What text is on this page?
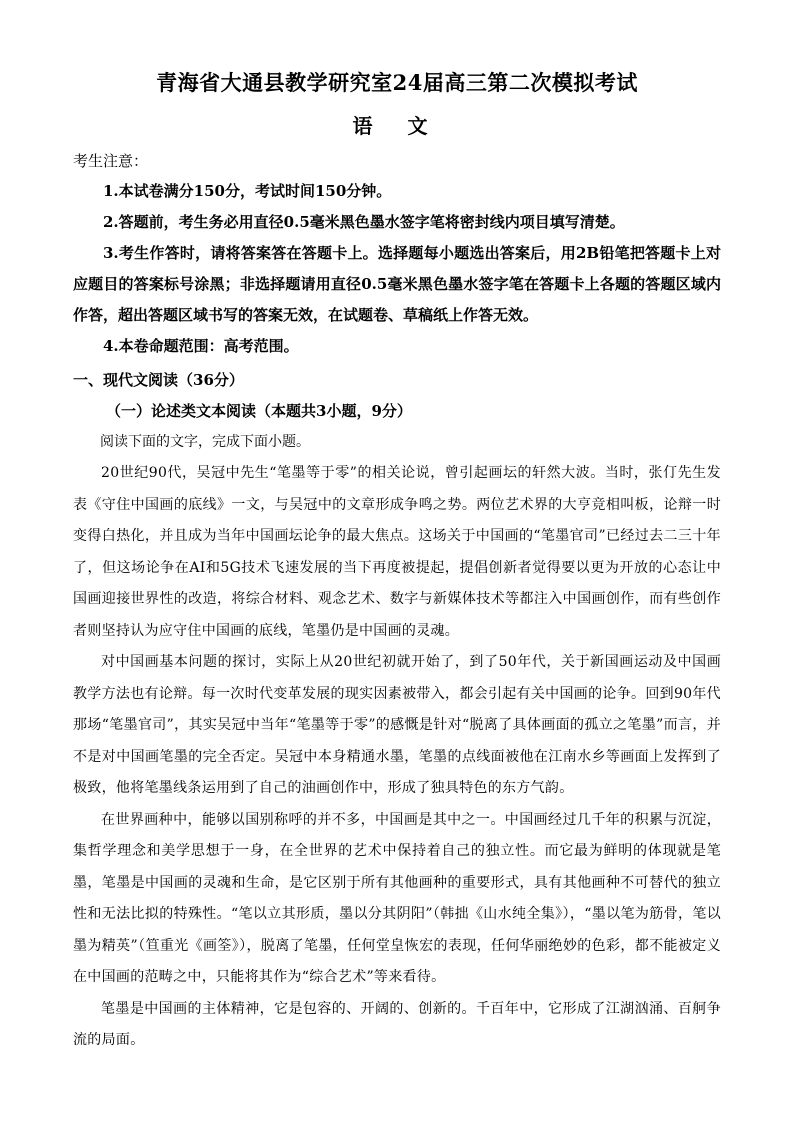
青海省大通县教学研究室24届高三第二次模拟考试
语 文
考生注意：

1.本试卷满分150分，考试时间150分钟。

2.答题前，考生务必用直径0.5毫米黑色墨水签字笔将密封线内项目填写清楚。

3.考生作答时，请将答案答在答题卡上。选择题每小题选出答案后，用2B铅笔把答题卡上对应题目的答案标号涂黑；非选择题请用直径0.5毫米黑色墨水签字笔在答题卡上各题的答题区域内作答，超出答题区域书写的答案无效，在试题卷、草稿纸上作答无效。

4.本卷命题范围：高考范围。

一、现代文阅读（36分）
（一）论述类文本阅读（本题共3小题，9分）
阅读下面的文字，完成下面小题。

20世纪90代，吴冠中先生“笔墨等于零”的相关论说，曾引起画坛的轩然大波。当时，张仃先生发表《守住中国画的底线》一文，与吴冠中的文章形成争鸣之势。两位艺术界的大亨竞相叫板，论辩一时变得白热化，并且成为当年中国画坛论争的最大焦点。这场关于中国画的“笔墨官司”已经过去二三十年了，但这场论争在AI和5G技术飞速发展的当下再度被提起，提倡创新者觉得要以更为开放的心态让中国画迎接世界性的改造，将综合材料、观念艺术、数字与新媒体技术等都注入中国画创作，而有些创作者则坚持认为应守住中国画的底线，笔墨仍是中国画的灵魂。

对中国画基本问题的探讨，实际上从20世纪初就开始了，到了50年代，关于新国画运动及中国画教学方法也有论辩。每一次时代变革发展的现实因素被带入，都会引起有关中国画的论争。回到90年代那场“笔墨官司”，其实吴冠中当年“笔墨等于零”的感慨是针对“脱离了具体画面的孤立之笔墨”而言，并不是对中国画笔墨的完全否定。吴冠中本身精通水墨，笔墨的点线面被他在江南水乡等画面上发挥到了极致，他将笔墨线条运用到了自己的油画创作中，形成了独具特色的东方气韵。

在世界画种中，能够以国别称呼的并不多，中国画是其中之一。中国画经过几千年的积累与沉淀，集哲学理念和美学思想于一身，在全世界的艺术中保持着自己的独立性。而它最为鲜明的体现就是笔墨，笔墨是中国画的灵魂和生命，是它区别于所有其他画种的重要形式，具有其他画种不可替代的独立性和无法比拟的特殊性。“笔以立其形质，墨以分其阴阳”（韩拙《山水纯全集》），“墨以笔为筋骨，笔以墨为精英”（笪重光《画筌》），脱离了笔墨，任何堂皇恢宏的表现，任何华丽绝妙的色彩，都不能被定义在中国画的范畴之中，只能将其作为“综合艺术”等来看待。

笔墨是中国画的主体精神，它是包容的、开阔的、创新的。千百年中，它形成了江湖汹涌、百舸争流的局面。
